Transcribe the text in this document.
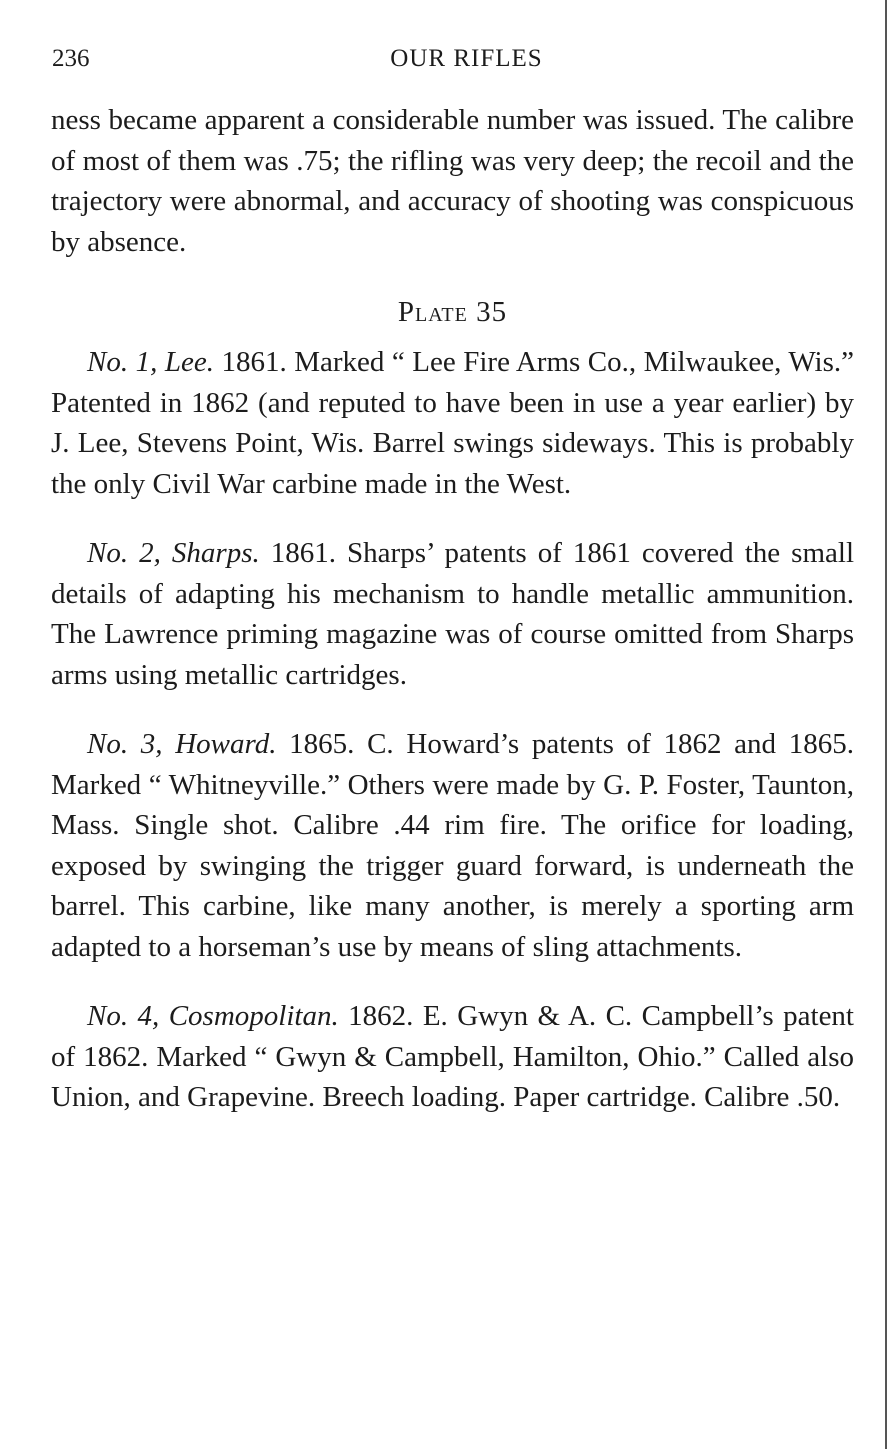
236	OUR RIFLES

ness became apparent a considerable number was issued. The calibre of most of them was .75; the rifling was very deep; the recoil and the trajectory were abnormal, and accuracy of shooting was conspicuous by absence.

Plate 35

No. 1, Lee. 1861. Marked “ Lee Fire Arms Co., Milwaukee, Wis.” Patented in 1862 (and reputed to have been in use a year earlier) by J. Lee, Stevens Point, Wis. Barrel swings sideways. This is probably the only Civil War carbine made in the West.

No. 2, Sharps. 1861. Sharps’ patents of 1861 covered the small details of adapting his mechanism to handle metallic ammunition. The Lawrence priming magazine was of course omitted from Sharps arms using metallic cartridges.

No. 3, Howard. 1865. C. Howard’s patents of 1862 and 1865. Marked “ Whitneyville.” Others were made by G. P. Foster, Taunton, Mass. Single shot. Calibre .44 rim fire. The orifice for loading, exposed by swinging the trigger guard forward, is underneath the barrel. This carbine, like many another, is merely a sporting arm adapted to a horseman’s use by means of sling attachments.

No. 4, Cosmopolitan. 1862. E. Gwyn & A. C. Campbell’s patent of 1862. Marked “ Gwyn & Campbell, Hamilton, Ohio.” Called also Union, and Grapevine. Breech loading. Paper cartridge. Calibre .50.
